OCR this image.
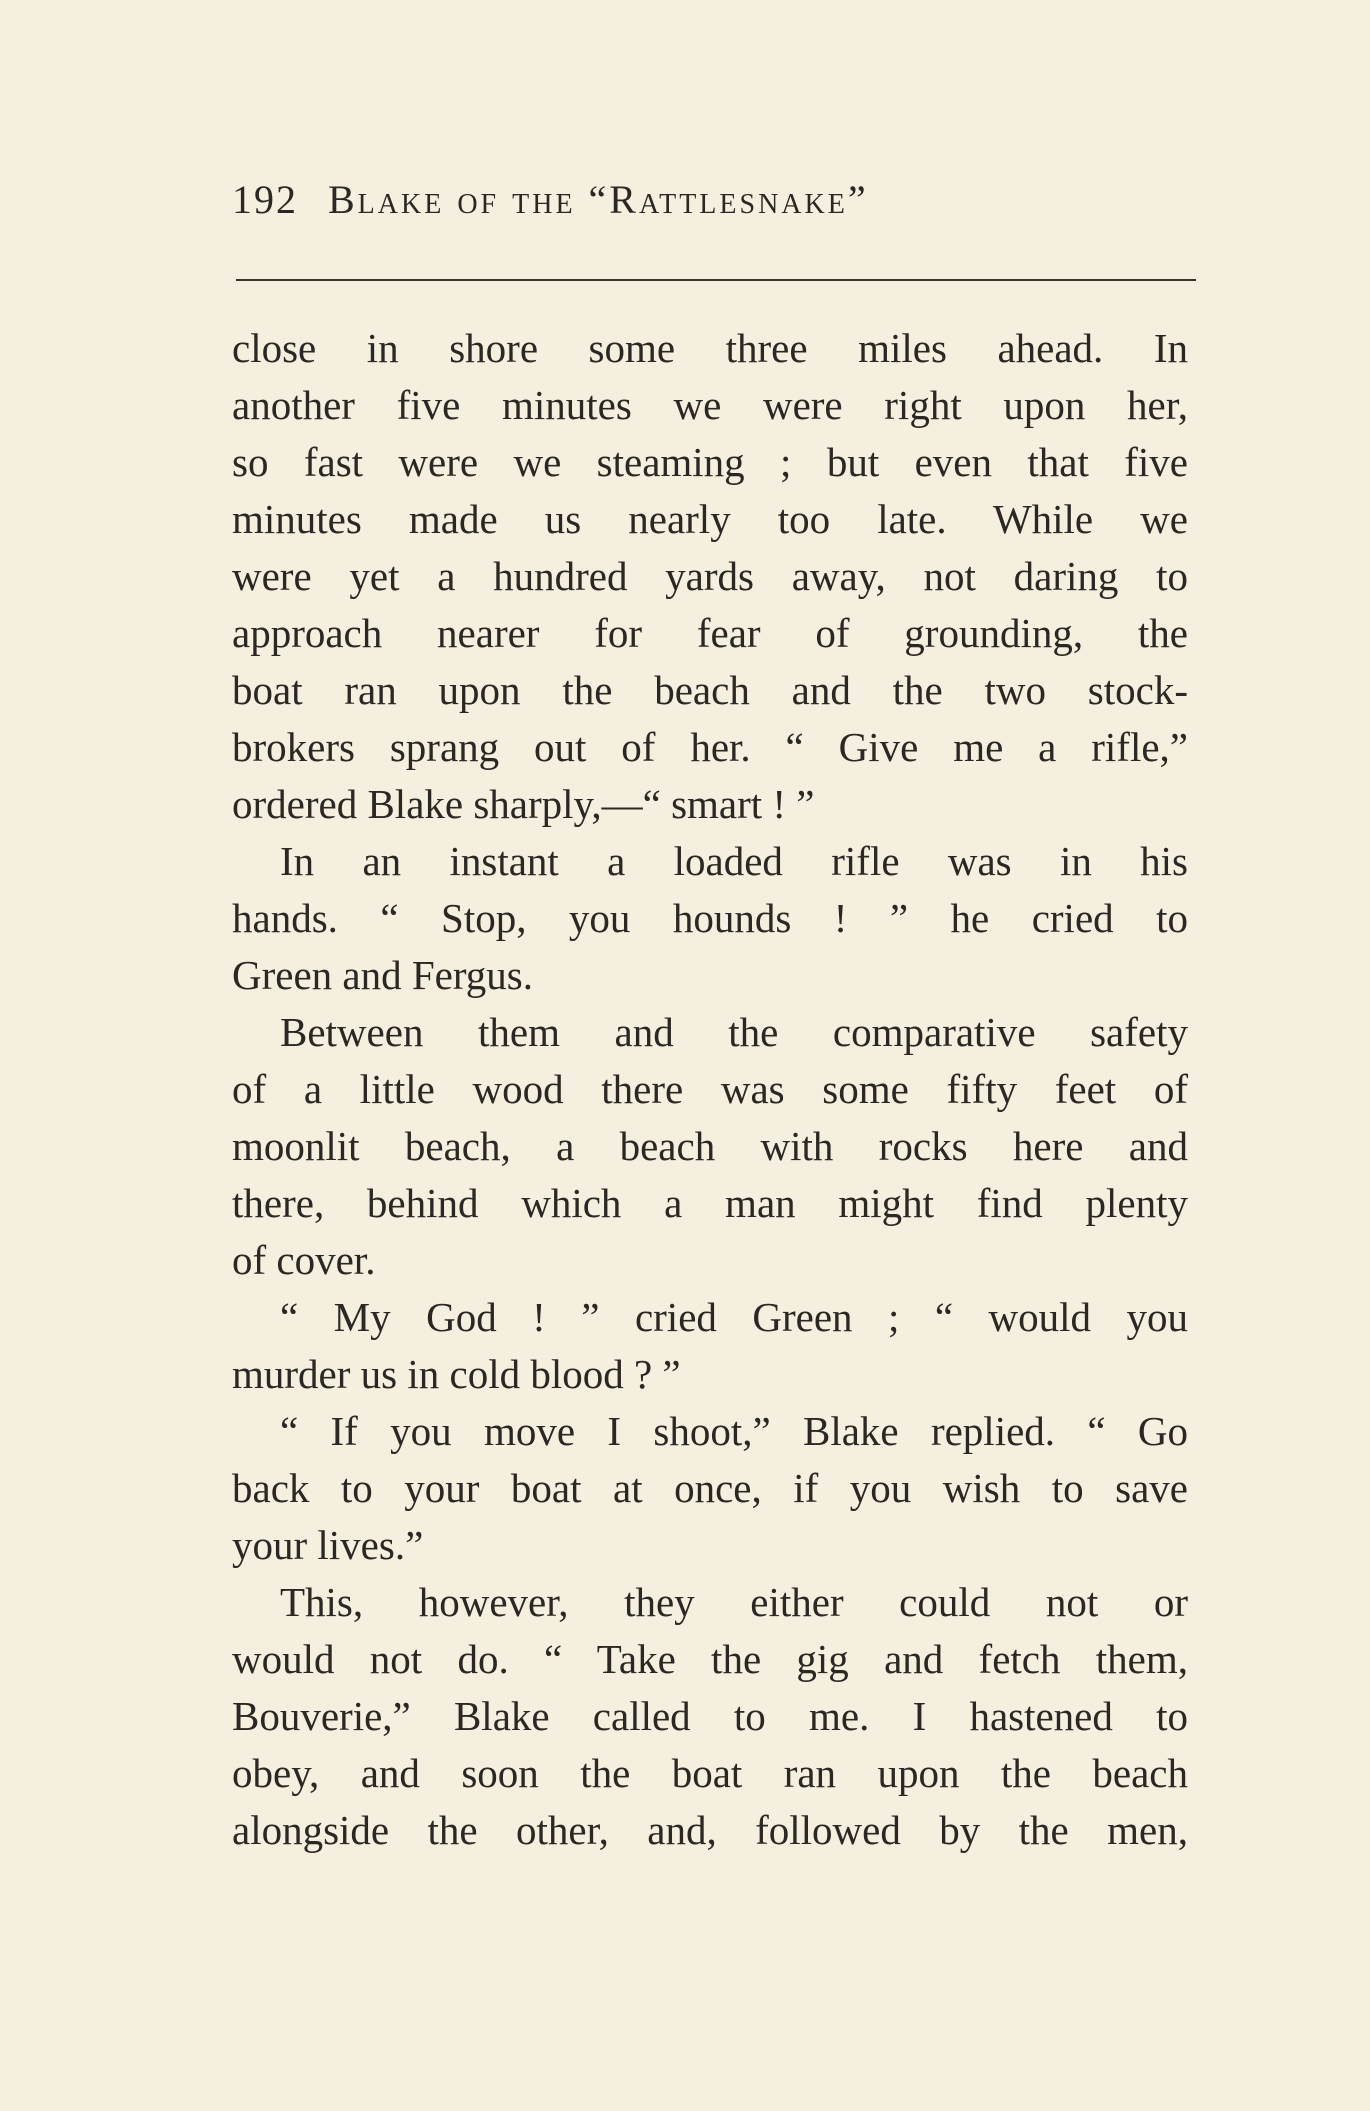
192 Blake of the “Rattlesnake”
close in shore some three miles ahead. In
another five minutes we were right upon her,
so fast were we steaming ; but even that five
minutes made us nearly too late. While we
were yet a hundred yards away, not daring to
approach nearer for fear of grounding, the
boat ran upon the beach and the two stock-
brokers sprang out of her. “ Give me a rifle,”
ordered Blake sharply,—“ smart ! ”
In an instant a loaded rifle was in his
hands. “ Stop, you hounds ! ” he cried to
Green and Fergus.
Between them and the comparative safety
of a little wood there was some fifty feet of
moonlit beach, a beach with rocks here and
there, behind which a man might find plenty
of cover.
“ My God ! ” cried Green ; “ would you
murder us in cold blood ? ”
“ If you move I shoot,” Blake replied. “ Go
back to your boat at once, if you wish to save
your lives.”
This, however, they either could not or
would not do. “ Take the gig and fetch them,
Bouverie,” Blake called to me. I hastened to
obey, and soon the boat ran upon the beach
alongside the other, and, followed by the men,
